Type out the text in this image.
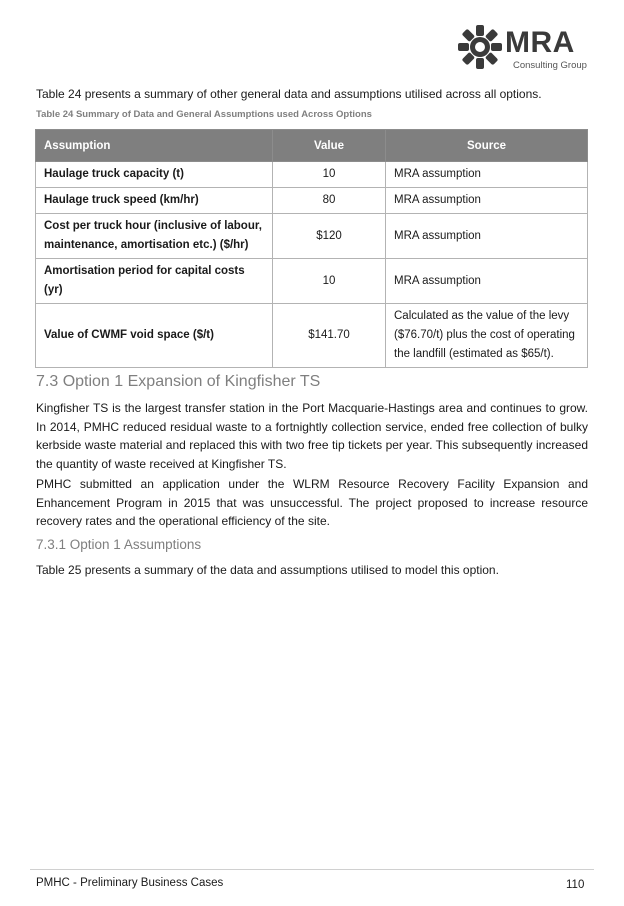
MRA
Consulting Group
Table 24 presents a summary of other general data and assumptions utilised across all options.
Table 24 Summary of Data and General Assumptions used Across Options
Assumption	Value	Source
Haulage truck capacity (t)	10	MRA assumption
Haulage truck speed (km/hr)	80	MRA assumption
Cost per truck hour (inclusive of labour, maintenance, amortisation etc.) ($/hr)	$120	MRA assumption
Amortisation period for capital costs (yr)	10	MRA assumption
Value of CWMF void space ($/t)	$141.70	Calculated as the value of the levy ($76.70/t) plus the cost of operating the landfill (estimated as $65/t).
7.3 Option 1 Expansion of Kingfisher TS
Kingfisher TS is the largest transfer station in the Port Macquarie-Hastings area and continues to grow. In 2014, PMHC reduced residual waste to a fortnightly collection service, ended free collection of bulky kerbside waste material and replaced this with two free tip tickets per year. This subsequently increased the quantity of waste received at Kingfisher TS.
PMHC submitted an application under the WLRM Resource Recovery Facility Expansion and Enhancement Program in 2015 that was unsuccessful. The project proposed to increase resource recovery rates and the operational efficiency of the site.
7.3.1 Option 1 Assumptions
Table 25 presents a summary of the data and assumptions utilised to model this option.
PMHC - Preliminary Business Cases	110
